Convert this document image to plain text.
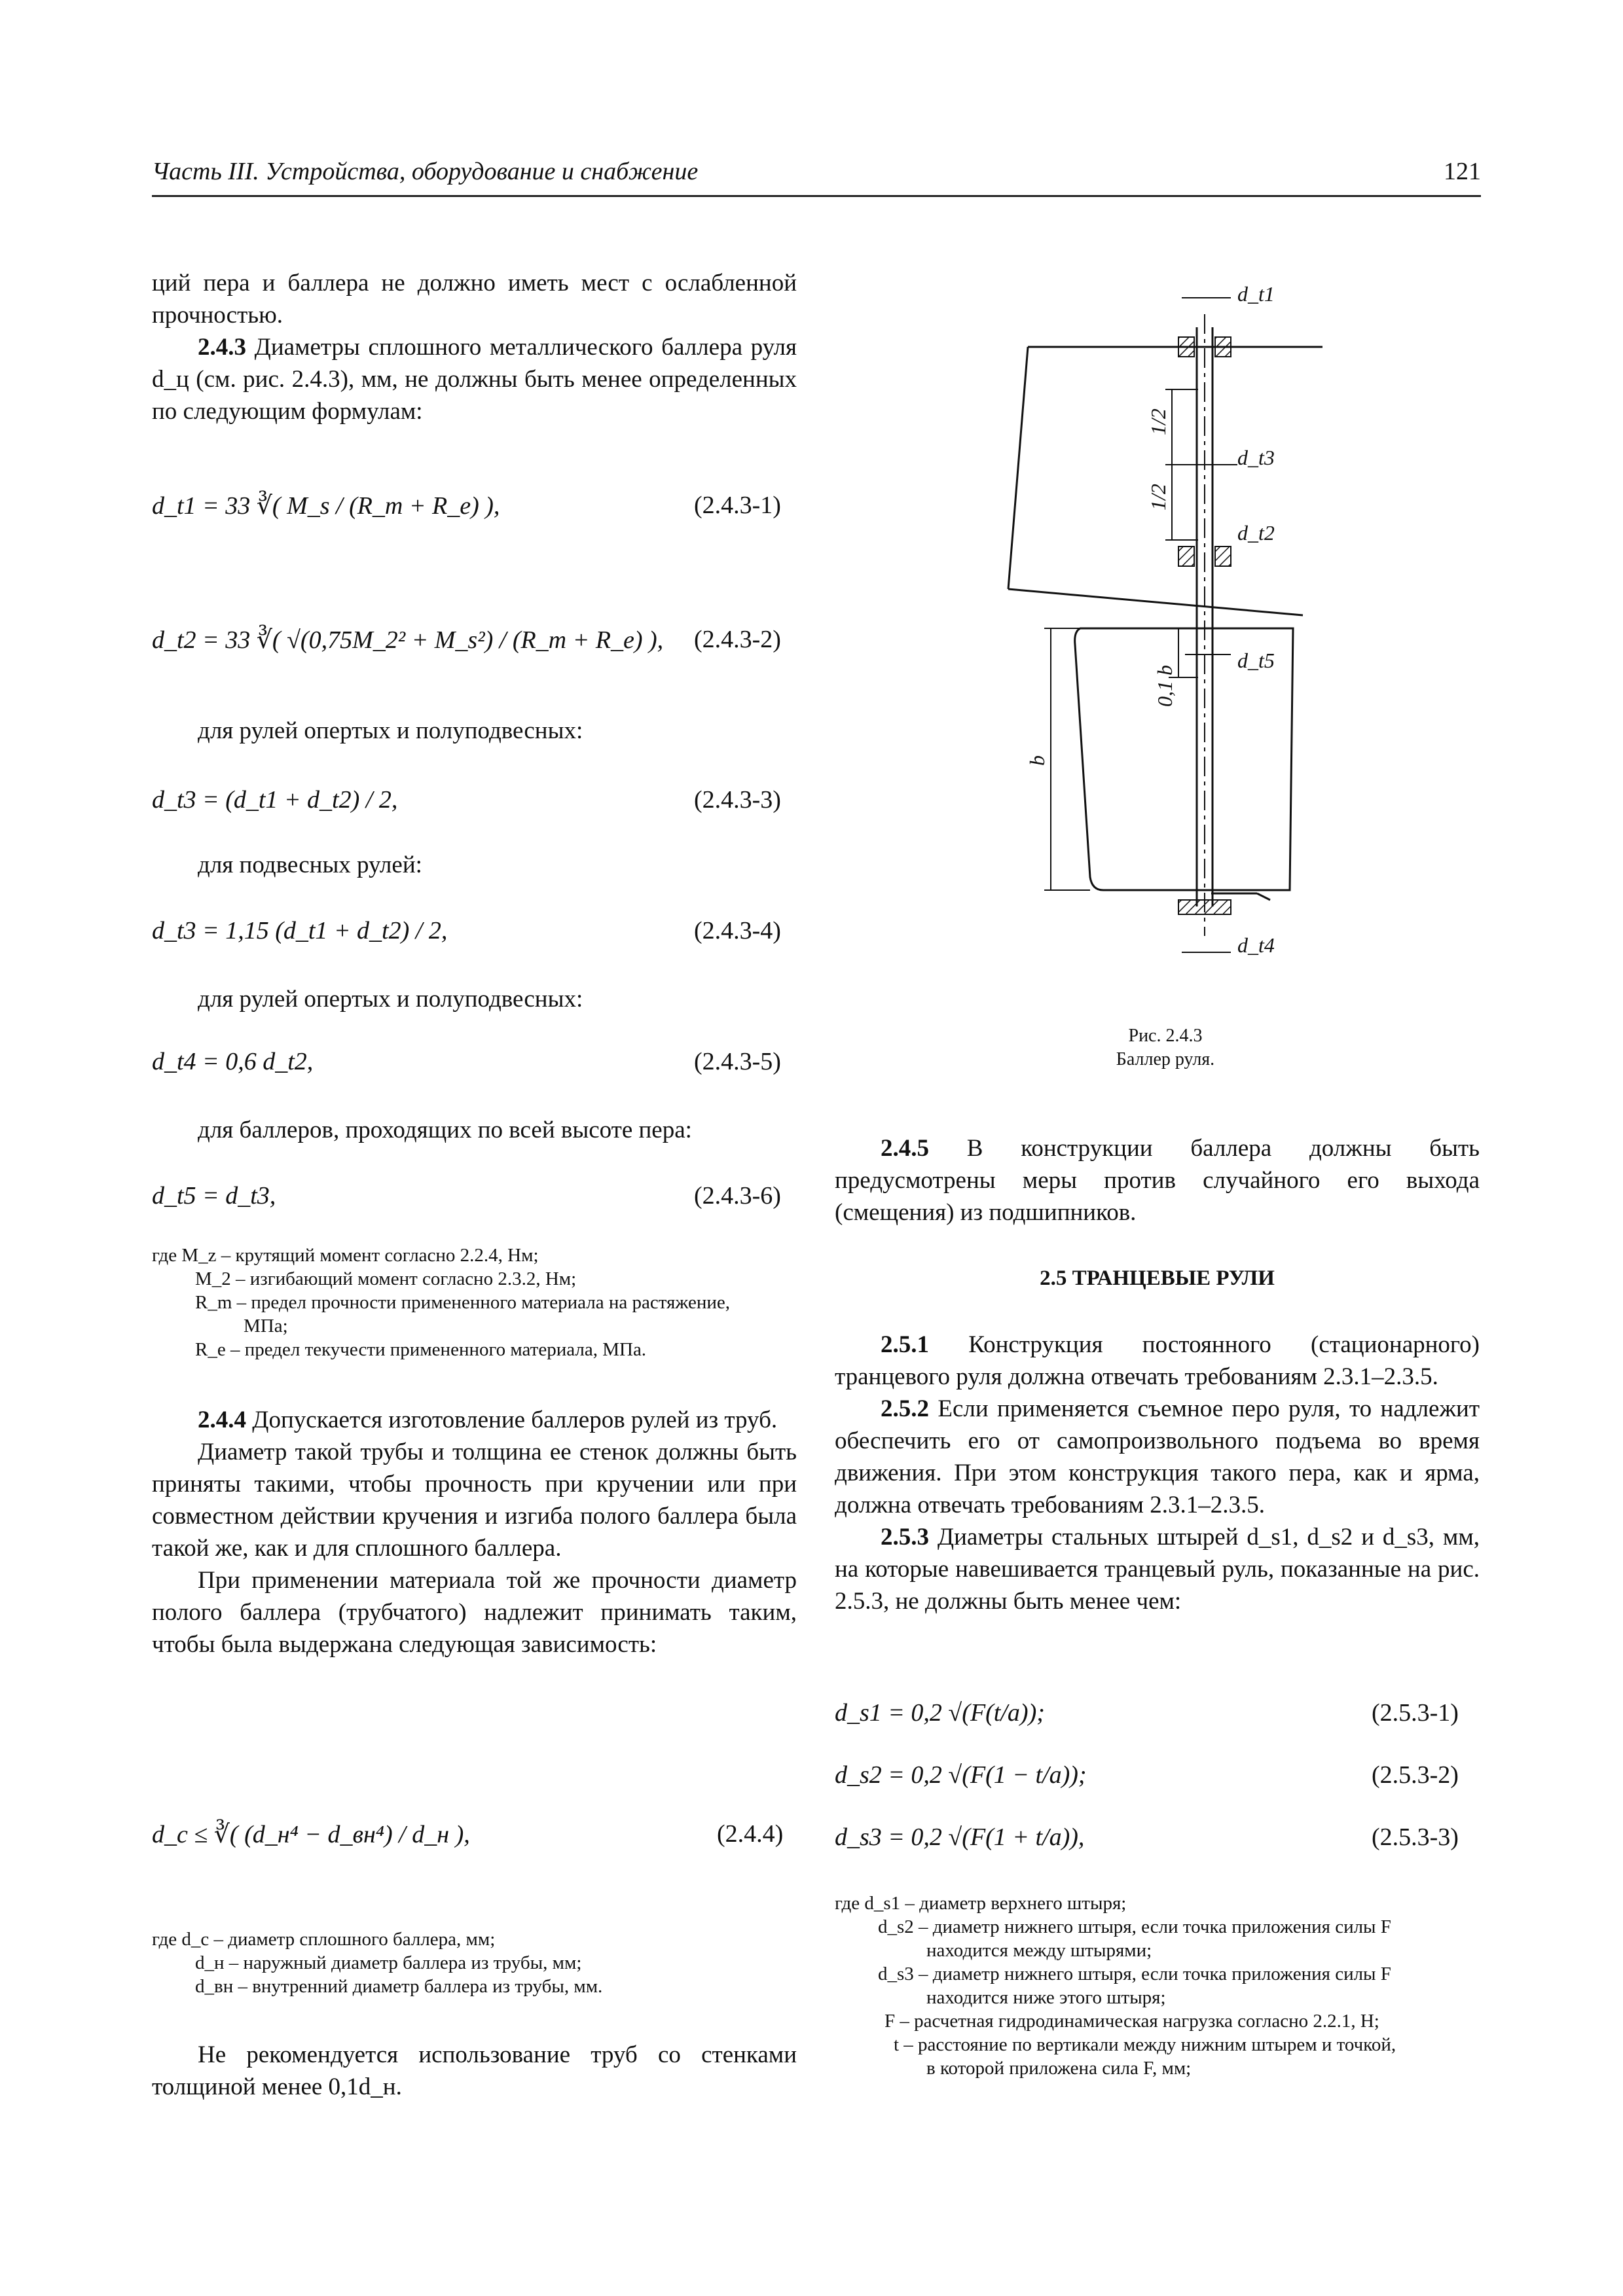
Часть III. Устройства, оборудование и снабжение	121

ций пера и баллера не должно иметь мест с ослабленной прочностью.

2.4.3 Диаметры сплошного металлического баллера руля d_ц (см. рис. 2.4.3), мм, не должны быть менее определенных по следующим формулам:

d_t1 = 33 ∛( M_s / (R_m + R_e) ),	(2.4.3-1)
d_t2 = 33 ∛( √(0,75M_2² + M_s²) / (R_m + R_e) ), (2.4.3-2)
для рулей опертых и полуподвесных:
d_t3 = (d_t1 + d_t2) / 2,	(2.4.3-3)
для подвесных рулей:
d_t3 = 1,15 (d_t1 + d_t2) / 2,	(2.4.3-4)
для рулей опертых и полуподвесных:
d_t4 = 0,6 d_t2,	(2.4.3-5)
для баллеров, проходящих по всей высоте пера:
d_t5 = d_t3,	(2.4.3-6)
где M_z – крутящий момент согласно 2.2.4, Нм;
M_2 – изгибающий момент согласно 2.3.2, Нм;
R_m – предел прочности примененного материала на растяжение,
МПа;
R_e – предел текучести примененного материала, МПа.

2.4.4 Допускается изготовление баллеров рулей из труб.

Диаметр такой трубы и толщина ее стенок должны быть приняты такими, чтобы прочность при кручении или при совместном действии кручения и изгиба полого баллера была такой же, как и для сплошного баллера.

При применении материала той же прочности диаметр полого баллера (трубчатого) надлежит принимать таким, чтобы была выдержана следующая зависимость:

d_c ≤ ∛( (d_н⁴ − d_вн⁴) / d_н ),	(2.4.4)
где d_c – диаметр сплошного баллера, мм;
d_н – наружный диаметр баллера из трубы, мм;
d_вн – внутренний диаметр баллера из трубы, мм.

Не рекомендуется использование труб со стенками толщиной менее 0,1d_н.

d_t1
d_t3
d_t2
d_t5
d_t4
1/2
1/2
0,1 b
b
Рис. 2.4.3
Баллер руля.

2.4.5 В конструкции баллера должны быть предусмотрены меры против случайного его выхода (смещения) из подшипников.

2.5 ТРАНЦЕВЫЕ РУЛИ

2.5.1 Конструкция постоянного (стационарного) транцевого руля должна отвечать требованиям 2.3.1–2.3.5.

2.5.2 Если применяется съемное перо руля, то надлежит обеспечить его от самопроизвольного подъема во время движения. При этом конструкция такого пера, как и ярма, должна отвечать требованиям 2.3.1–2.3.5.

2.5.3 Диаметры стальных штырей d_s1, d_s2 и d_s3, мм, на которые навешивается транцевый руль, показанные на рис. 2.5.3, не должны быть менее чем:

d_s1 = 0,2 √(F(t/a));	(2.5.3-1)
d_s2 = 0,2 √(F(1 − t/a));	(2.5.3-2)
d_s3 = 0,2 √(F(1 + t/a)),	(2.5.3-3)
где d_s1 – диаметр верхнего штыря;
d_s2 – диаметр нижнего штыря, если точка приложения силы F
находится между штырями;
d_s3 – диаметр нижнего штыря, если точка приложения силы F
находится ниже этого штыря;
F – расчетная гидродинамическая нагрузка согласно 2.2.1, Н;
t – расстояние по вертикали между нижним штырем и точкой,
в которой приложена сила F, мм;
